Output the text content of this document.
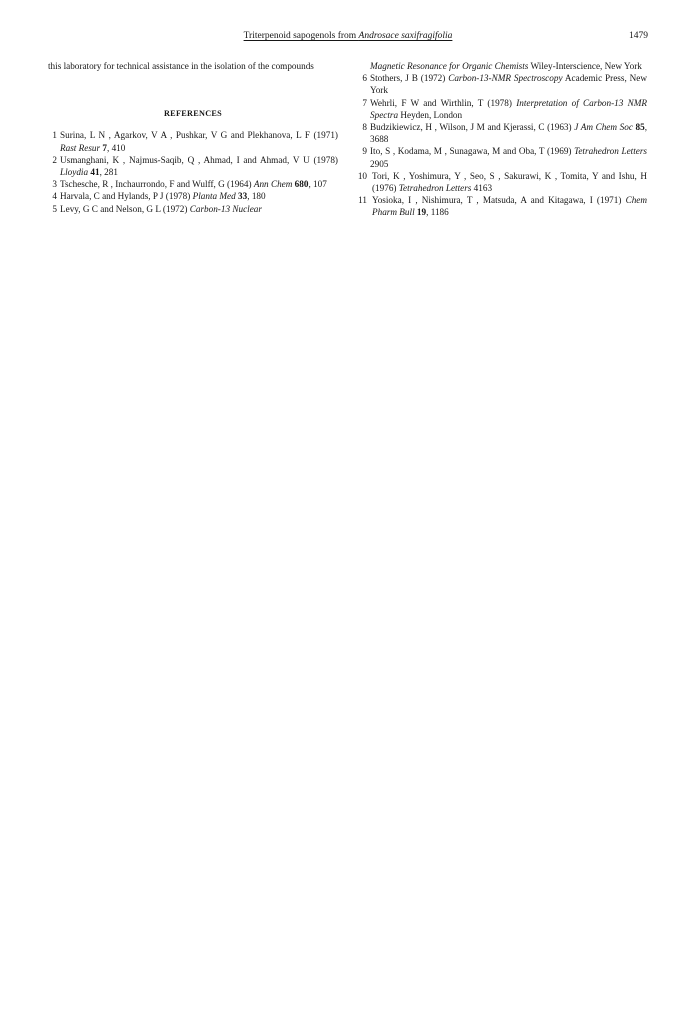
Triterpenoid sapogenols from Androsace saxifragifolia	1479

this laboratory for technical assistance in the isolation of the compounds

REFERENCES

1 Surina, L N , Agarkov, V A , Pushkar, V G and Plekhanova, L F (1971) Rast Resur 7, 410

2 Usmanghani, K , Najmus-Saqib, Q , Ahmad, I and Ahmad, V U (1978) Lloydia 41, 281

3 Tschesche, R , Inchaurrondo, F and Wulff, G (1964) Ann Chem 680, 107

4 Harvala, C and Hylands, P J (1978) Planta Med 33, 180

5 Levy, G C and Nelson, G L (1972) Carbon-13 Nuclear

Magnetic Resonance for Organic Chemists Wiley-Interscience, New York

6 Stothers, J B (1972) Carbon-13-NMR Spectroscopy Academic Press, New York

7 Wehrli, F W and Wirthlin, T (1978) Interpretation of Carbon-13 NMR Spectra Heyden, London

8 Budzikiewicz, H , Wilson, J M and Kjerassi, C (1963) J Am Chem Soc 85, 3688

9 Ito, S , Kodama, M , Sunagawa, M and Oba, T (1969) Tetrahedron Letters 2905

10 Tori, K , Yoshimura, Y , Seo, S , Sakurawi, K , Tomita, Y and Ishu, H (1976) Tetrahedron Letters 4163

11 Yosioka, I , Nishimura, T , Matsuda, A and Kitagawa, I (1971) Chem Pharm Bull 19, 1186
